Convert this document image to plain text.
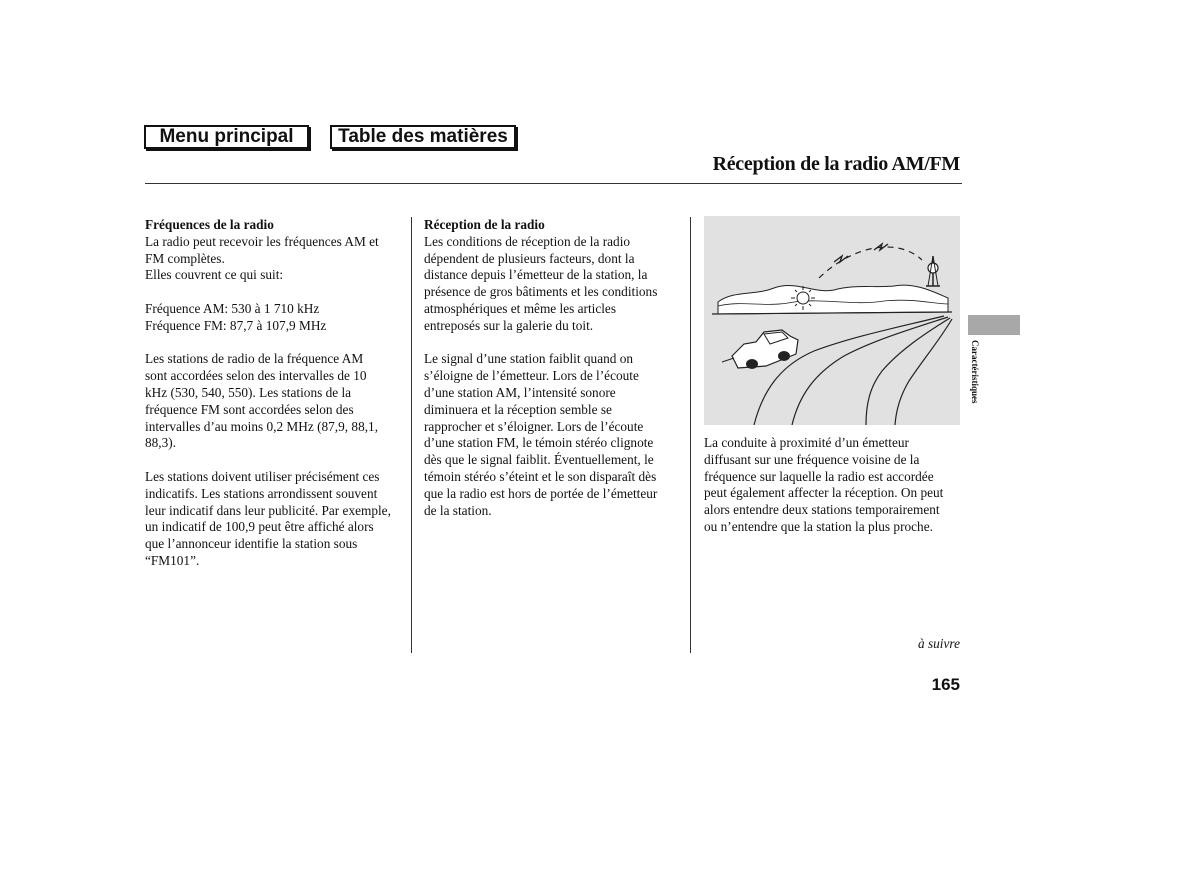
Menu principal	Table des matières
Réception de la radio AM/FM
Fréquences de la radio

La radio peut recevoir les fréquences AM et
FM complètes.
Elles couvrent ce qui suit:

Fréquence AM: 530 à 1 710 kHz
Fréquence FM: 87,7 à 107,9 MHz

Les stations de radio de la fréquence AM
sont accordées selon des intervalles de 10
kHz (530, 540, 550). Les stations de la
fréquence FM sont accordées selon des
intervalles d’au moins 0,2 MHz (87,9, 88,1,
88,3).

Les stations doivent utiliser précisément ces
indicatifs. Les stations arrondissent souvent
leur indicatif dans leur publicité. Par exemple,
un indicatif de 100,9 peut être affiché alors
que l’annonceur identifie la station sous
“FM101”.

Réception de la radio

Les conditions de réception de la radio
dépendent de plusieurs facteurs, dont la
distance depuis l’émetteur de la station, la
présence de gros bâtiments et les conditions
atmosphériques et même les articles
entreposés sur la galerie du toit.

Le signal d’une station faiblit quand on
s’éloigne de l’émetteur. Lors de l’écoute
d’une station AM, l’intensité sonore
diminuera et la réception semble se
rapprocher et s’éloigner. Lors de l’écoute
d’une station FM, le témoin stéréo clignote
dès que le signal faiblit. Éventuellement, le
témoin stéréo s’éteint et le son disparaît dès
que la radio est hors de portée de l’émetteur
de la station.

La conduite à proximité d’un émetteur
diffusant sur une fréquence voisine de la
fréquence sur laquelle la radio est accordée
peut également affecter la réception. On peut
alors entendre deux stations temporairement
ou n’entendre que la station la plus proche.

Caractéristiques
à suivre
165
